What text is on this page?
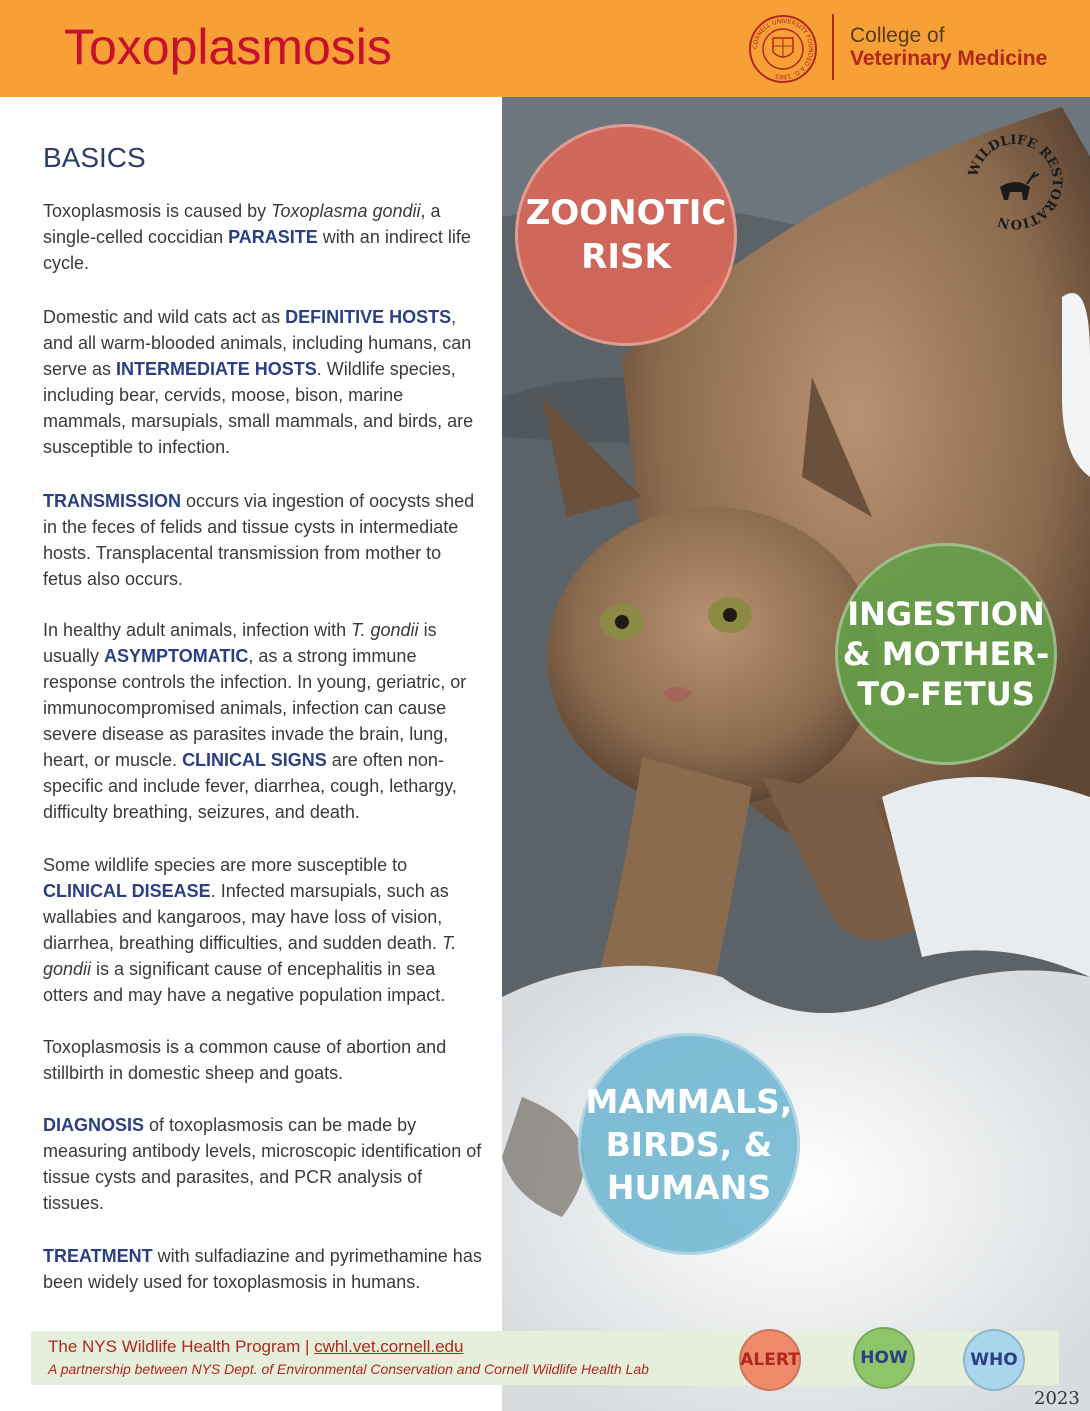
Toxoplasmosis	CORNELL UNIVERSITY FOUNDED A.D. 1865
College of
Veterinary Medicine
BASICS

Toxoplasmosis is caused by Toxoplasma gondii, a single-celled coccidian PARASITE with an indirect life cycle.

Domestic and wild cats act as DEFINITIVE HOSTS, and all warm-blooded animals, including humans, can serve as INTERMEDIATE HOSTS. Wildlife species, including bear, cervids, moose, bison, marine mammals, marsupials, small mammals, and birds, are susceptible to infection.

TRANSMISSION occurs via ingestion of oocysts shed in the feces of felids and tissue cysts in intermediate hosts. Transplacental transmission from mother to fetus also occurs.

In healthy adult animals, infection with T. gondii is usually ASYMPTOMATIC, as a strong immune response controls the infection. In young, geriatric, or immunocompromised animals, infection can cause severe disease as parasites invade the brain, lung, heart, or muscle. CLINICAL SIGNS are often non-specific and include fever, diarrhea, cough, lethargy, difficulty breathing, seizures, and death.

Some wildlife species are more susceptible to CLINICAL DISEASE. Infected marsupials, such as wallabies and kangaroos, may have loss of vision, diarrhea, breathing difficulties, and sudden death. T. gondii is a significant cause of encephalitis in sea otters and may have a negative population impact.

Toxoplasmosis is a common cause of abortion and stillbirth in domestic sheep and goats.

DIAGNOSIS of toxoplasmosis can be made by measuring antibody levels, microscopic identification of tissue cysts and parasites, and PCR analysis of tissues.

TREATMENT with sulfadiazine and pyrimethamine has been widely used for toxoplasmosis in humans.

WILDLIFE RESTORATION
ZOONOTIC
RISK
INGESTION
& MOTHER-
TO-FETUS
MAMMALS,
BIRDS, &
HUMANS
The NYS Wildlife Health Program | cwhl.vet.cornell.edu
A partnership between NYS Dept. of Environmental Conservation and Cornell Wildlife Health Lab	ALERT	HOW	WHO
2023
